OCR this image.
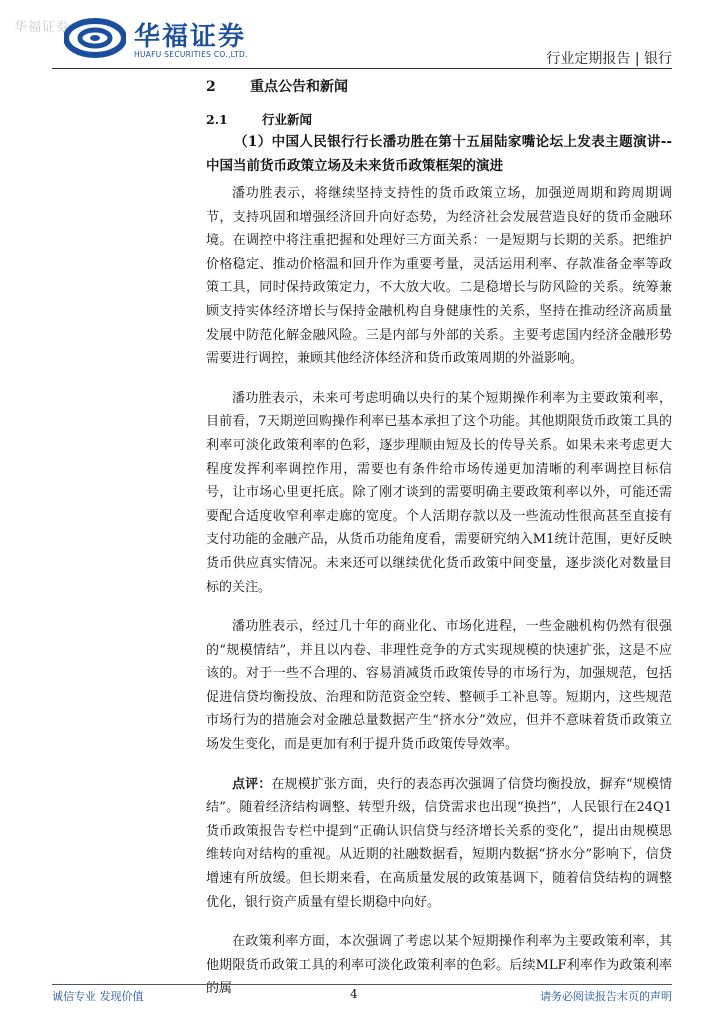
华福证券 华福证券
HUAFU SECURITIES CO.,LTD.	行业定期报告 | 银行
2 重点公告和新闻
2.1	行业新闻
（1）中国人民银行行长潘功胜在第十五届陆家嘴论坛上发表主题演讲--中国当前货币政策立场及未来货币政策框架的演进

潘功胜表示，将继续坚持支持性的货币政策立场，加强逆周期和跨周期调节，支持巩固和增强经济回升向好态势，为经济社会发展营造良好的货币金融环境。在调控中将注重把握和处理好三方面关系：一是短期与长期的关系。把维护价格稳定、推动价格温和回升作为重要考量，灵活运用利率、存款准备金率等政策工具，同时保持政策定力，不大放大收。二是稳增长与防风险的关系。统筹兼顾支持实体经济增长与保持金融机构自身健康性的关系，坚持在推动经济高质量发展中防范化解金融风险。三是内部与外部的关系。主要考虑国内经济金融形势需要进行调控，兼顾其他经济体经济和货币政策周期的外溢影响。

潘功胜表示，未来可考虑明确以央行的某个短期操作利率为主要政策利率，目前看，7天期逆回购操作利率已基本承担了这个功能。其他期限货币政策工具的利率可淡化政策利率的色彩，逐步理顺由短及长的传导关系。如果未来考虑更大程度发挥利率调控作用，需要也有条件给市场传递更加清晰的利率调控目标信号，让市场心里更托底。除了刚才谈到的需要明确主要政策利率以外，可能还需要配合适度收窄利率走廊的宽度。个人活期存款以及一些流动性很高甚至直接有支付功能的金融产品，从货币功能角度看，需要研究纳入M1统计范围，更好反映货币供应真实情况。未来还可以继续优化货币政策中间变量，逐步淡化对数量目标的关注。

潘功胜表示，经过几十年的商业化、市场化进程，一些金融机构仍然有很强的“规模情结”，并且以内卷、非理性竞争的方式实现规模的快速扩张，这是不应该的。对于一些不合理的、容易消减货币政策传导的市场行为，加强规范，包括促进信贷均衡投放、治理和防范资金空转、整顿手工补息等。短期内，这些规范市场行为的措施会对金融总量数据产生“挤水分”效应，但并不意味着货币政策立场发生变化，而是更加有利于提升货币政策传导效率。

点评：在规模扩张方面，央行的表态再次强调了信贷均衡投放，摒弃“规模情结”。随着经济结构调整、转型升级，信贷需求也出现“换挡”，人民银行在24Q1货币政策报告专栏中提到“正确认识信贷与经济增长关系的变化”，提出由规模思维转向对结构的重视。从近期的社融数据看，短期内数据“挤水分”影响下，信贷增速有所放缓。但长期来看，在高质量发展的政策基调下，随着信贷结构的调整优化，银行资产质量有望长期稳中向好。

在政策利率方面，本次强调了考虑以某个短期操作利率为主要政策利率，其他期限货币政策工具的利率可淡化政策利率的色彩。后续MLF利率作为政策利率的属

诚信专业 发现价值	4	请务必阅读报告末页的声明
